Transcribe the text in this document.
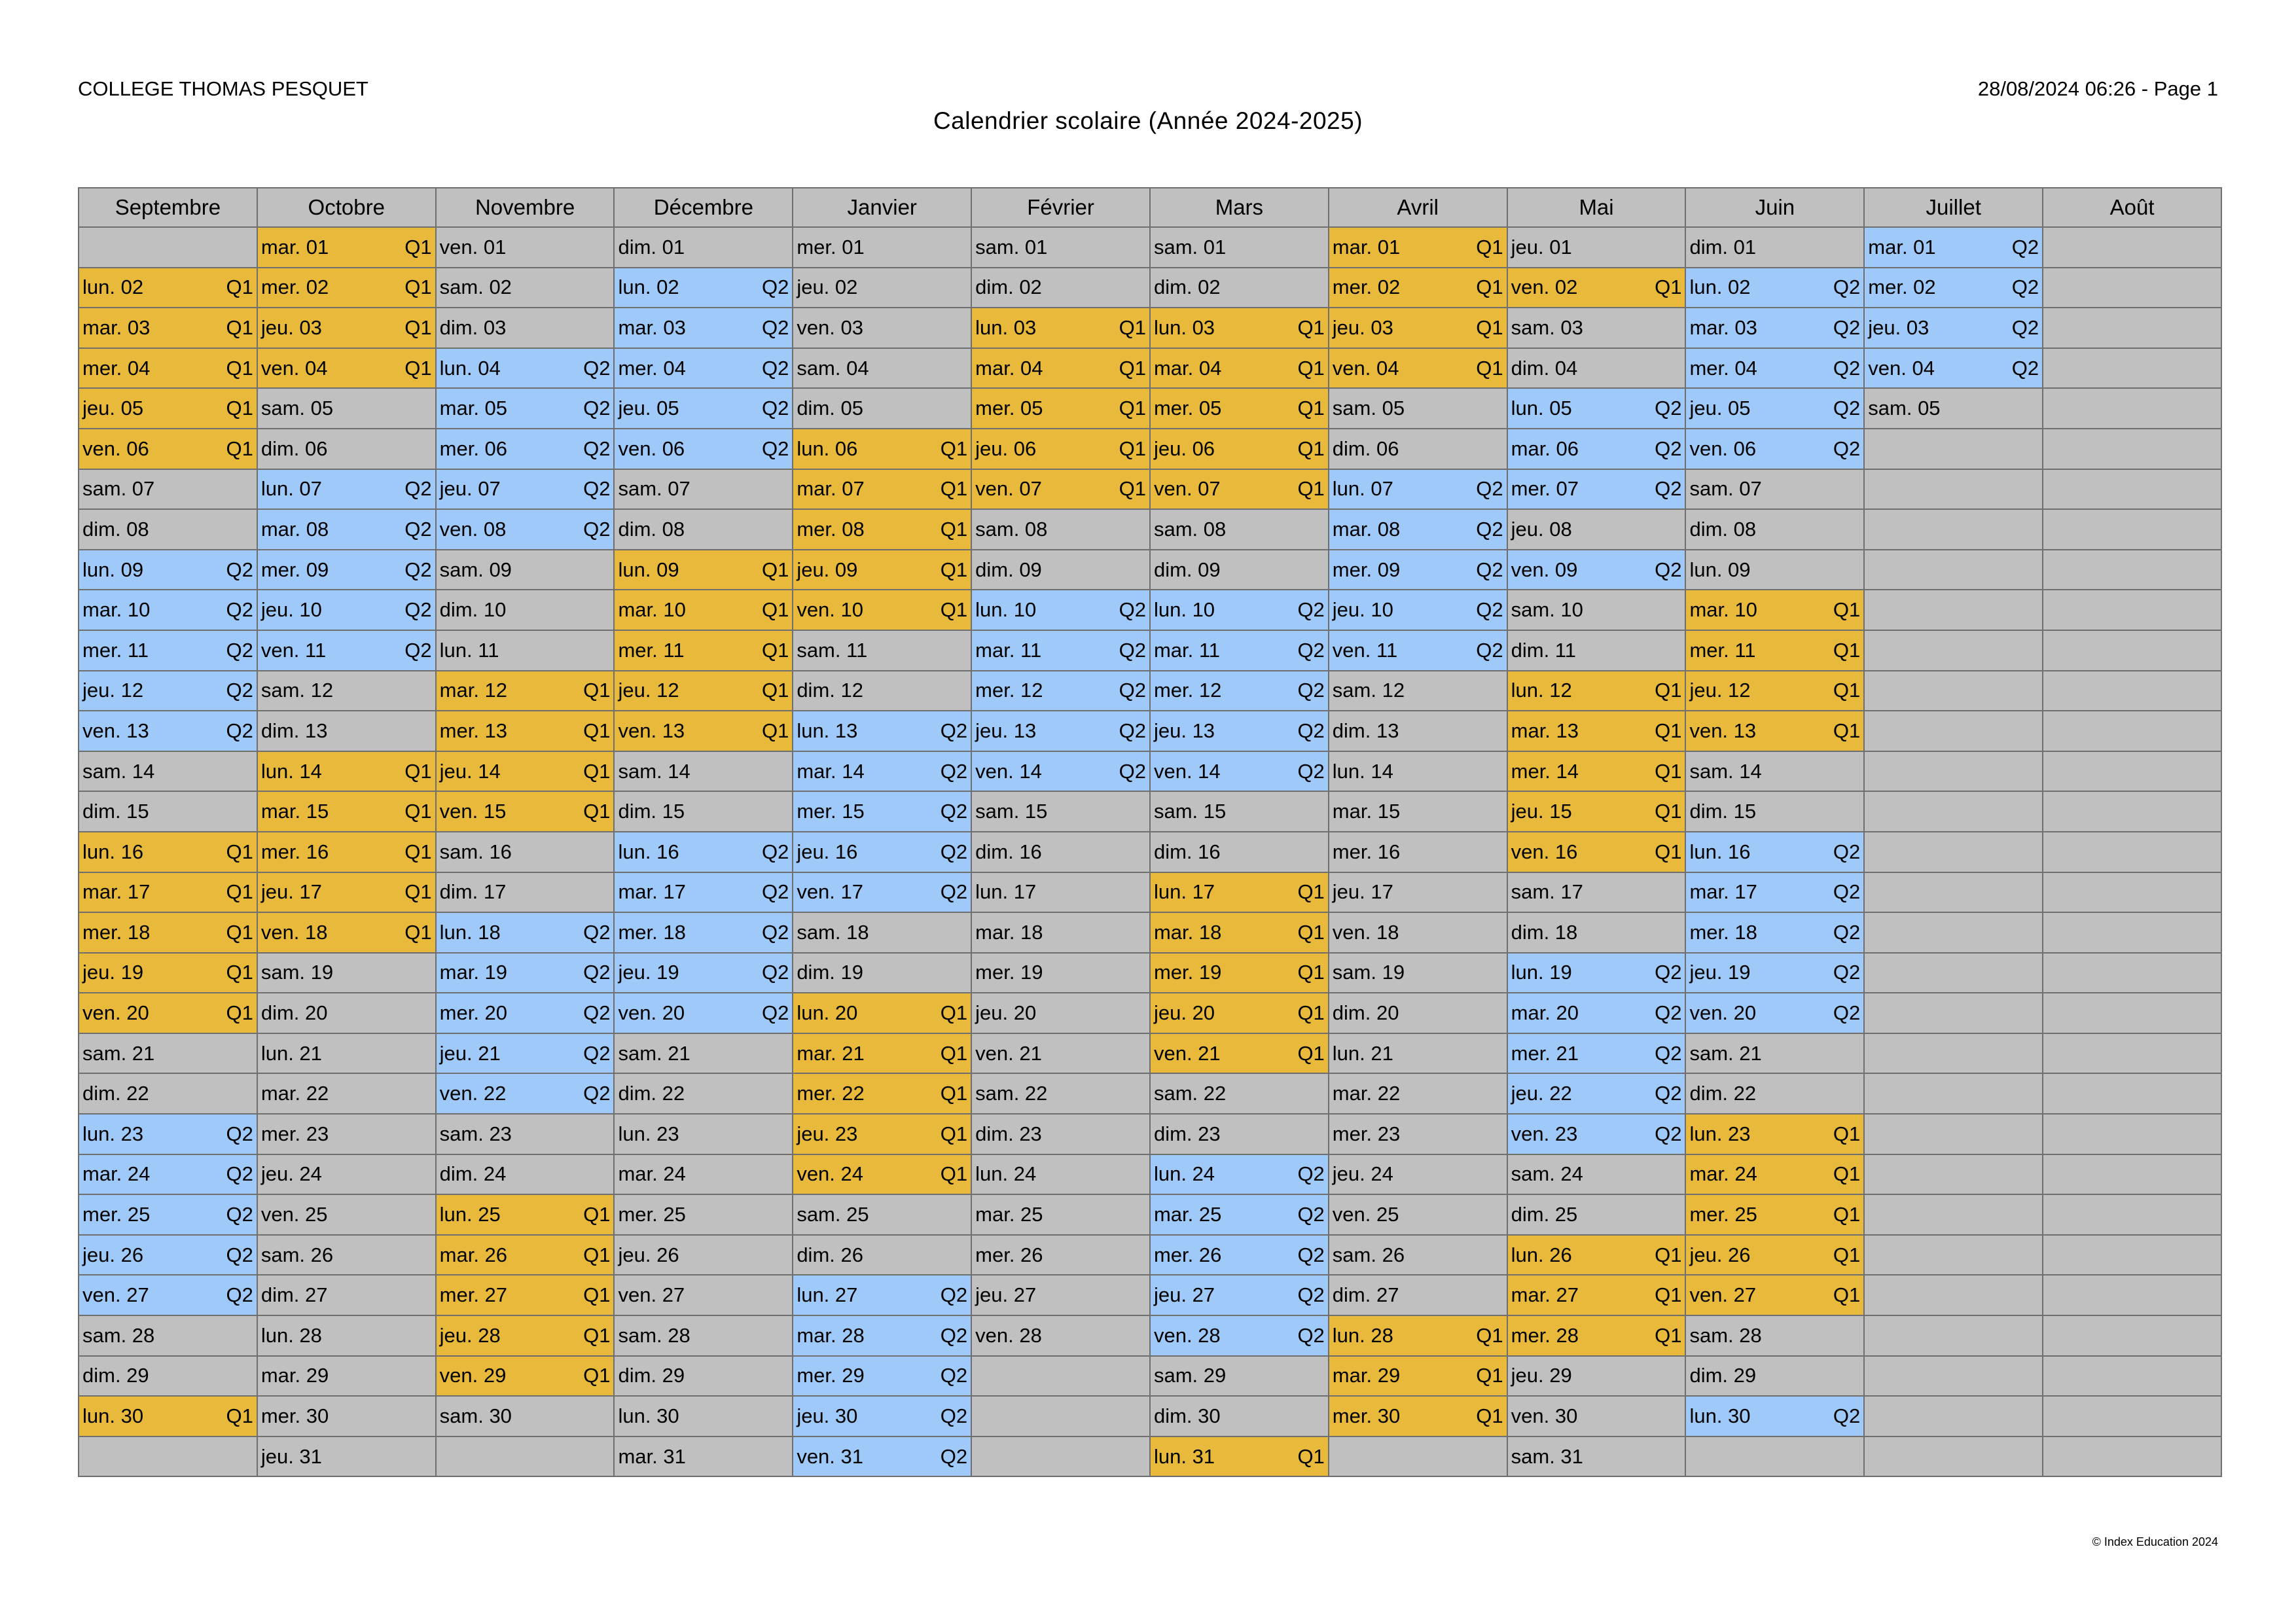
COLLEGE THOMAS PESQUET	28/08/2024 06:26 - Page 1
Calendrier scolaire (Année 2024-2025)
Septembre	Octobre	Novembre	Décembre	Janvier	Février	Mars	Avril	Mai	Juin	Juillet	Août

	mar. 01 Q1	ven. 01	dim. 01	mer. 01	sam. 01	sam. 01	mar. 01 Q1	jeu. 01	dim. 01	mar. 01 Q2	

lun. 02 Q1	mer. 02 Q1	sam. 02	lun. 02 Q2	jeu. 02	dim. 02	dim. 02	mer. 02 Q1	ven. 02 Q1	lun. 02 Q2	mer. 02 Q2	

mar. 03 Q1	jeu. 03 Q1	dim. 03	mar. 03 Q2	ven. 03	lun. 03 Q1	lun. 03 Q1	jeu. 03 Q1	sam. 03	mar. 03 Q2	jeu. 03 Q2	

mer. 04 Q1	ven. 04 Q1	lun. 04 Q2	mer. 04 Q2	sam. 04	mar. 04 Q1	mar. 04 Q1	ven. 04 Q1	dim. 04	mer. 04 Q2	ven. 04 Q2	

jeu. 05 Q1	sam. 05	mar. 05 Q2	jeu. 05 Q2	dim. 05	mer. 05 Q1	mer. 05 Q1	sam. 05	lun. 05 Q2	jeu. 05 Q2	sam. 05	

ven. 06 Q1	dim. 06	mer. 06 Q2	ven. 06 Q2	lun. 06 Q1	jeu. 06 Q1	jeu. 06 Q1	dim. 06	mar. 06 Q2	ven. 06 Q2		

sam. 07	lun. 07 Q2	jeu. 07 Q2	sam. 07	mar. 07 Q1	ven. 07 Q1	ven. 07 Q1	lun. 07 Q2	mer. 07 Q2	sam. 07		

dim. 08	mar. 08 Q2	ven. 08 Q2	dim. 08	mer. 08 Q1	sam. 08	sam. 08	mar. 08 Q2	jeu. 08	dim. 08		

lun. 09 Q2	mer. 09 Q2	sam. 09	lun. 09 Q1	jeu. 09 Q1	dim. 09	dim. 09	mer. 09 Q2	ven. 09 Q2	lun. 09		

mar. 10 Q2	jeu. 10 Q2	dim. 10	mar. 10 Q1	ven. 10 Q1	lun. 10 Q2	lun. 10 Q2	jeu. 10 Q2	sam. 10	mar. 10 Q1		

mer. 11 Q2	ven. 11 Q2	lun. 11	mer. 11 Q1	sam. 11	mar. 11 Q2	mar. 11 Q2	ven. 11 Q2	dim. 11	mer. 11 Q1		

jeu. 12 Q2	sam. 12	mar. 12 Q1	jeu. 12 Q1	dim. 12	mer. 12 Q2	mer. 12 Q2	sam. 12	lun. 12 Q1	jeu. 12 Q1		

ven. 13 Q2	dim. 13	mer. 13 Q1	ven. 13 Q1	lun. 13 Q2	jeu. 13 Q2	jeu. 13 Q2	dim. 13	mar. 13 Q1	ven. 13 Q1		

sam. 14	lun. 14 Q1	jeu. 14 Q1	sam. 14	mar. 14 Q2	ven. 14 Q2	ven. 14 Q2	lun. 14	mer. 14 Q1	sam. 14		

dim. 15	mar. 15 Q1	ven. 15 Q1	dim. 15	mer. 15 Q2	sam. 15	sam. 15	mar. 15	jeu. 15 Q1	dim. 15		

lun. 16 Q1	mer. 16 Q1	sam. 16	lun. 16 Q2	jeu. 16 Q2	dim. 16	dim. 16	mer. 16	ven. 16 Q1	lun. 16 Q2		

mar. 17 Q1	jeu. 17 Q1	dim. 17	mar. 17 Q2	ven. 17 Q2	lun. 17	lun. 17 Q1	jeu. 17	sam. 17	mar. 17 Q2		

mer. 18 Q1	ven. 18 Q1	lun. 18 Q2	mer. 18 Q2	sam. 18	mar. 18	mar. 18 Q1	ven. 18	dim. 18	mer. 18 Q2		

jeu. 19 Q1	sam. 19	mar. 19 Q2	jeu. 19 Q2	dim. 19	mer. 19	mer. 19 Q1	sam. 19	lun. 19 Q2	jeu. 19 Q2		

ven. 20 Q1	dim. 20	mer. 20 Q2	ven. 20 Q2	lun. 20 Q1	jeu. 20	jeu. 20 Q1	dim. 20	mar. 20 Q2	ven. 20 Q2		

sam. 21	lun. 21	jeu. 21 Q2	sam. 21	mar. 21 Q1	ven. 21	ven. 21 Q1	lun. 21	mer. 21 Q2	sam. 21		

dim. 22	mar. 22	ven. 22 Q2	dim. 22	mer. 22 Q1	sam. 22	sam. 22	mar. 22	jeu. 22 Q2	dim. 22		

lun. 23 Q2	mer. 23	sam. 23	lun. 23	jeu. 23 Q1	dim. 23	dim. 23	mer. 23	ven. 23 Q2	lun. 23 Q1		

mar. 24 Q2	jeu. 24	dim. 24	mar. 24	ven. 24 Q1	lun. 24	lun. 24 Q2	jeu. 24	sam. 24	mar. 24 Q1		

mer. 25 Q2	ven. 25	lun. 25 Q1	mer. 25	sam. 25	mar. 25	mar. 25 Q2	ven. 25	dim. 25	mer. 25 Q1		

jeu. 26 Q2	sam. 26	mar. 26 Q1	jeu. 26	dim. 26	mer. 26	mer. 26 Q2	sam. 26	lun. 26 Q1	jeu. 26 Q1		

ven. 27 Q2	dim. 27	mer. 27 Q1	ven. 27	lun. 27 Q2	jeu. 27	jeu. 27 Q2	dim. 27	mar. 27 Q1	ven. 27 Q1		

sam. 28	lun. 28	jeu. 28 Q1	sam. 28	mar. 28 Q2	ven. 28	ven. 28 Q2	lun. 28 Q1	mer. 28 Q1	sam. 28		

dim. 29	mar. 29	ven. 29 Q1	dim. 29	mer. 29 Q2		sam. 29	mar. 29 Q1	jeu. 29	dim. 29		

lun. 30 Q1	mer. 30	sam. 30	lun. 30	jeu. 30 Q2		dim. 30	mer. 30 Q1	ven. 30	lun. 30 Q2		

	jeu. 31		mar. 31	ven. 31 Q2		lun. 31 Q1		sam. 31			

© Index Education 2024
